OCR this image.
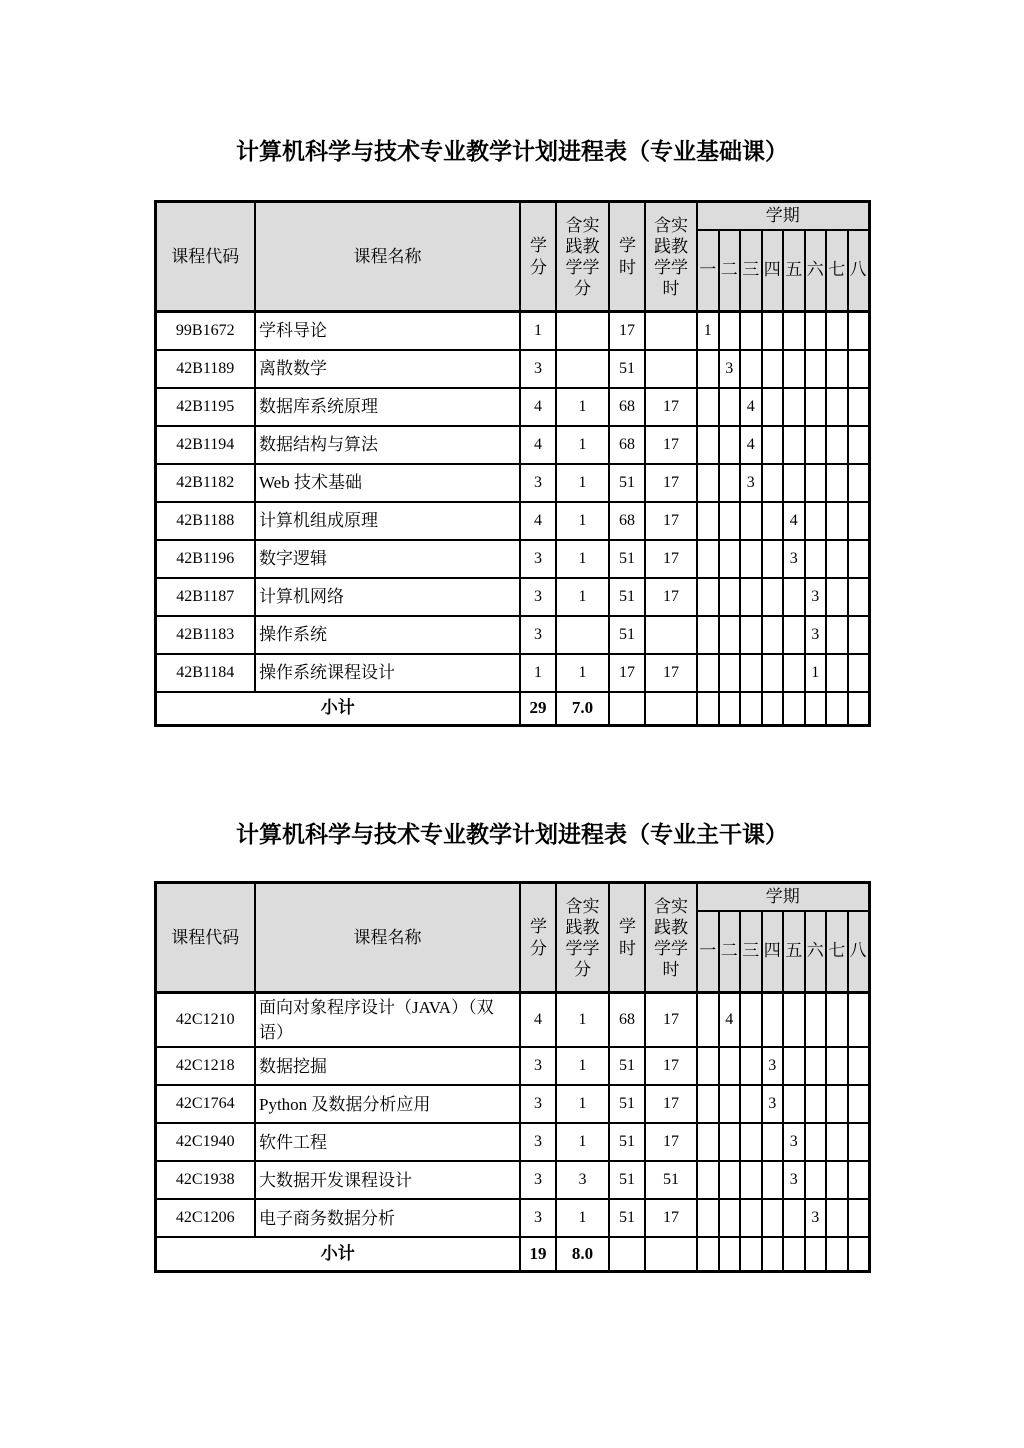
计算机科学与技术专业教学计划进程表（专业基础课）
课程代码	课程名称	学分	含实践教学学分	学时	含实践教学学时	学期							
						一	二	三	四	五	六	七	八
99B1672	学科导论	1		17		1							
42B1189	离散数学	3		51			3						
42B1195	数据库系统原理	4	1	68	17			4					
42B1194	数据结构与算法	4	1	68	17			4					
42B1182	Web 技术基础	3	1	51	17			3					
42B1188	计算机组成原理	4	1	68	17					4			
42B1196	数字逻辑	3	1	51	17					3			
42B1187	计算机网络	3	1	51	17						3		
42B1183	操作系统	3		51							3		
42B1184	操作系统课程设计	1	1	17	17						1		
小计		29	7.0										
计算机科学与技术专业教学计划进程表（专业主干课）
课程代码	课程名称	学分	含实践教学学分	学时	含实践教学学时	学期							
						一	二	三	四	五	六	七	八
42C1210	面向对象程序设计（JAVA）（双语）	4	1	68	17		4						
42C1218	数据挖掘	3	1	51	17				3				
42C1764	Python 及数据分析应用	3	1	51	17				3				
42C1940	软件工程	3	1	51	17					3			
42C1938	大数据开发课程设计	3	3	51	51					3			
42C1206	电子商务数据分析	3	1	51	17						3		
小计		19	8.0										
